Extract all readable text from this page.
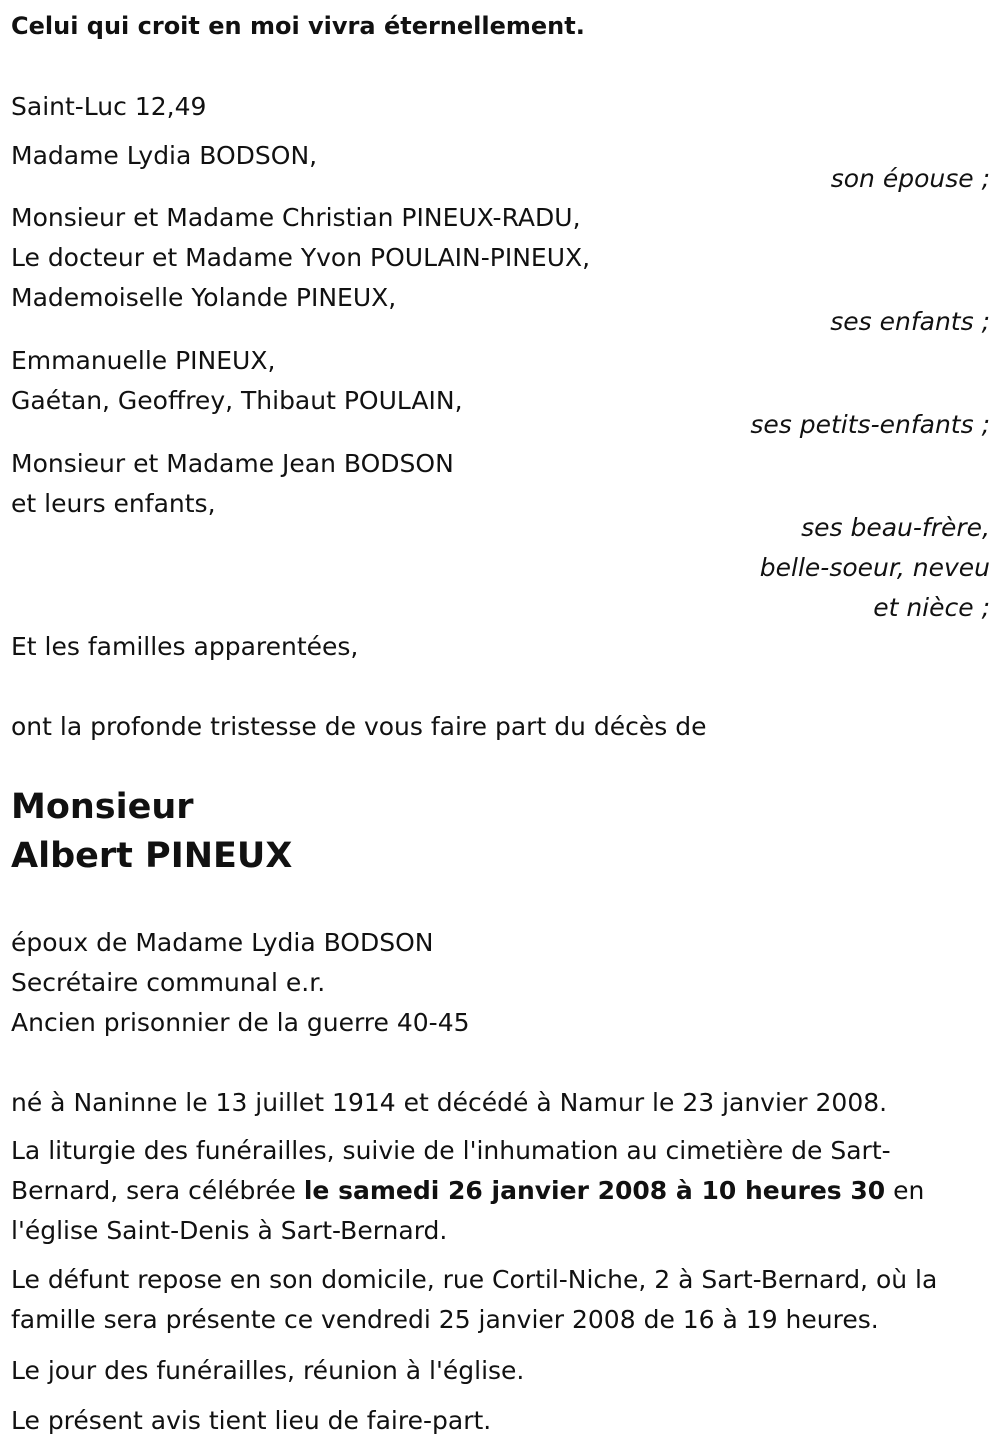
Celui qui croit en moi vivra éternellement.
Saint-Luc 12,49
Madame Lydia BODSON,
son épouse ;
Monsieur et Madame Christian PINEUX-RADU,
Le docteur et Madame Yvon POULAIN-PINEUX,
Mademoiselle Yolande PINEUX,
ses enfants ;
Emmanuelle PINEUX,
Gaétan, Geoffrey, Thibaut POULAIN,
ses petits-enfants ;
Monsieur et Madame Jean BODSON
et leurs enfants,
ses beau-frère,
belle-soeur, neveu
et nièce ;
Et les familles apparentées,
ont la profonde tristesse de vous faire part du décès de
Monsieur
Albert PINEUX
époux de Madame Lydia BODSON
Secrétaire communal e.r.
Ancien prisonnier de la guerre 40-45
né à Naninne le 13 juillet 1914 et décédé à Namur le 23 janvier 2008.
La liturgie des funérailles, suivie de l'inhumation au cimetière de Sart-Bernard, sera célébrée le samedi 26 janvier 2008 à 10 heures 30 en l'église Saint-Denis à Sart-Bernard.
Le défunt repose en son domicile, rue Cortil-Niche, 2 à Sart-Bernard, où la famille sera présente ce vendredi 25 janvier 2008 de 16 à 19 heures.
Le jour des funérailles, réunion à l'église.
Le présent avis tient lieu de faire-part.
